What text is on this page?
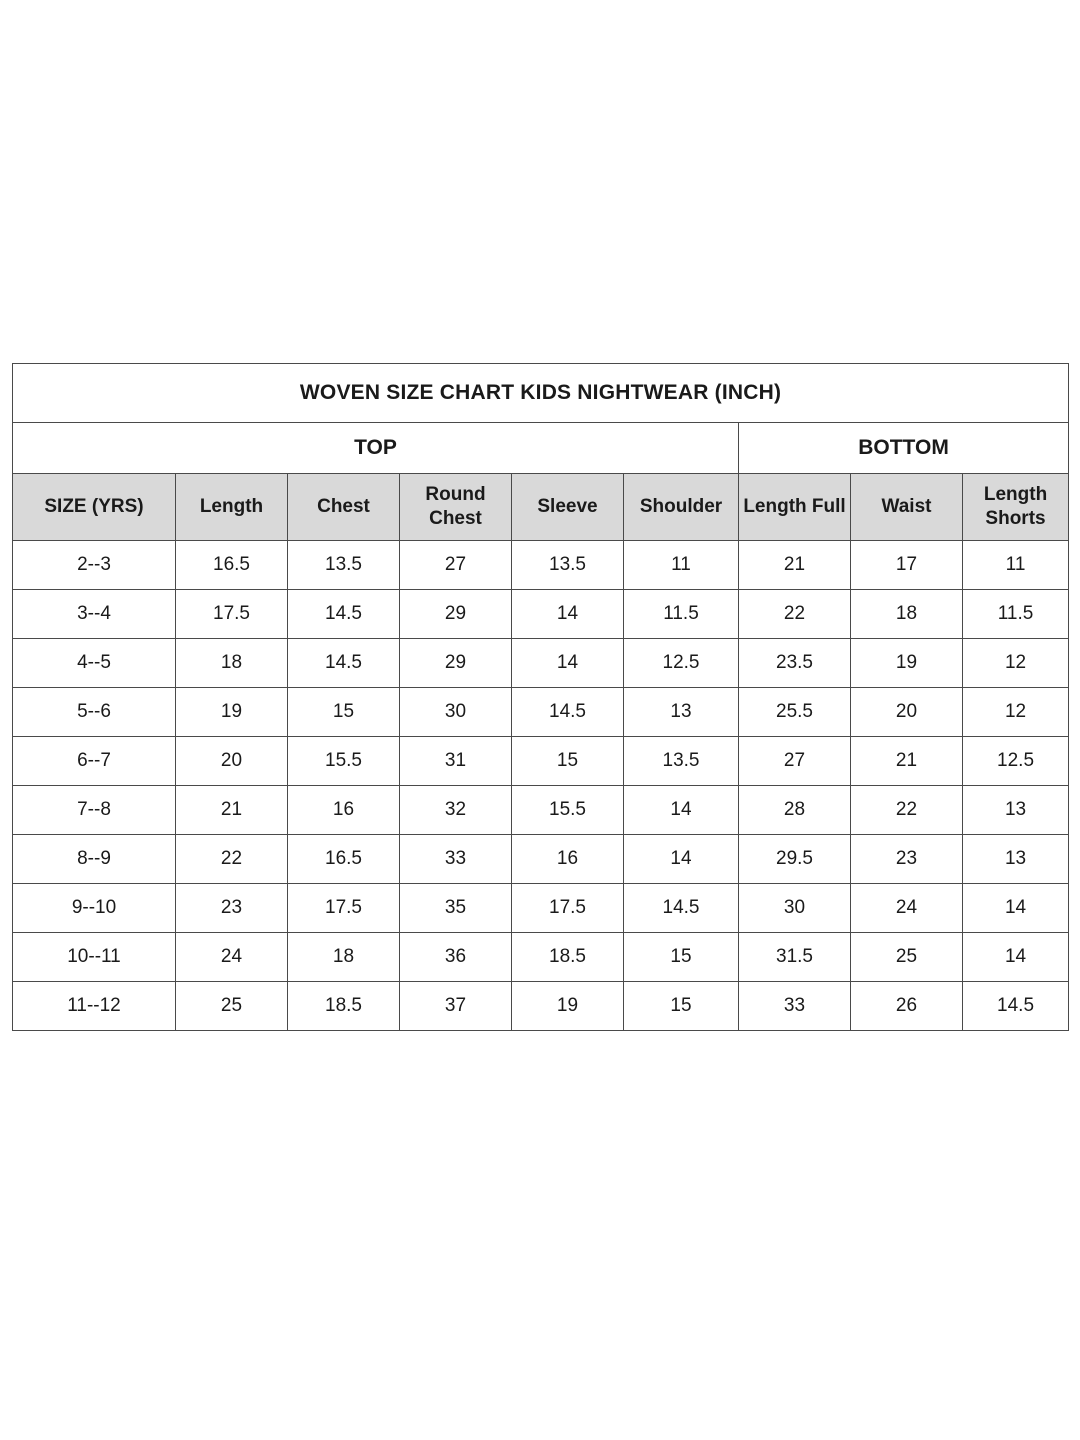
WOVEN SIZE CHART KIDS NIGHTWEAR (INCH)								
TOP						BOTTOM		
SIZE (YRS)	Length	Chest	Round Chest	Sleeve	Shoulder	Length Full	Waist	Length Shorts
2--3	16.5	13.5	27	13.5	11	21	17	11
3--4	17.5	14.5	29	14	11.5	22	18	11.5
4--5	18	14.5	29	14	12.5	23.5	19	12
5--6	19	15	30	14.5	13	25.5	20	12
6--7	20	15.5	31	15	13.5	27	21	12.5
7--8	21	16	32	15.5	14	28	22	13
8--9	22	16.5	33	16	14	29.5	23	13
9--10	23	17.5	35	17.5	14.5	30	24	14
10--11	24	18	36	18.5	15	31.5	25	14
11--12	25	18.5	37	19	15	33	26	14.5
